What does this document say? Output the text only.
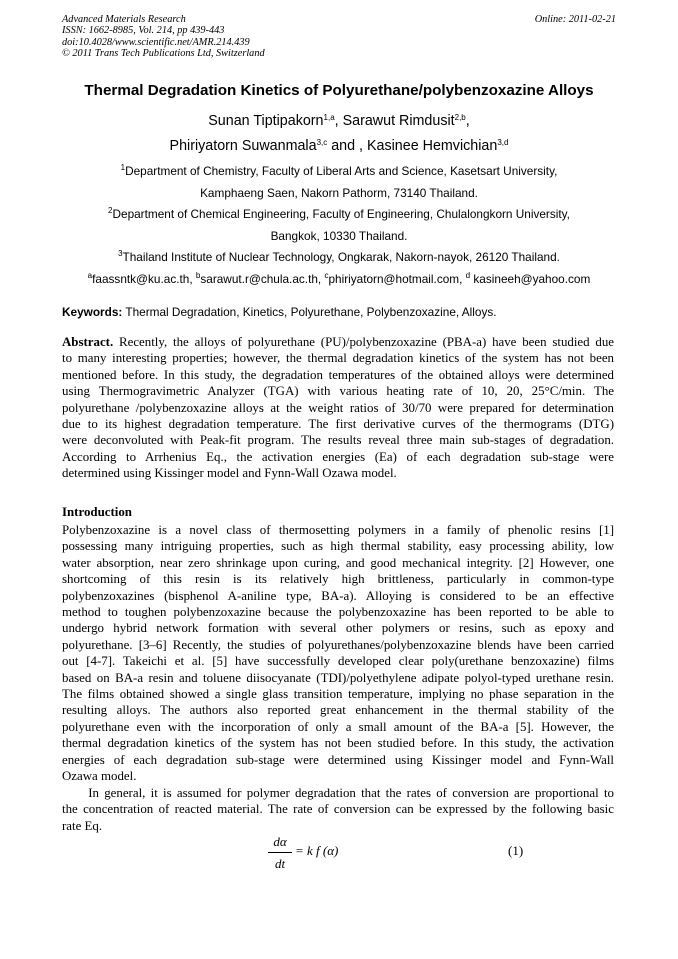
Advanced Materials Research
ISSN: 1662-8985, Vol. 214, pp 439-443
doi:10.4028/www.scientific.net/AMR.214.439
© 2011 Trans Tech Publications Ltd, Switzerland
Online: 2011-02-21
Thermal Degradation Kinetics of Polyurethane/polybenzoxazine Alloys
Sunan Tiptipakorn$^{1,a}$, Sarawut Rimdusit$^{2,b}$,
Phiriyatorn Suwanmala$^{3,c}$ and , Kasinee Hemvichian$^{3,d}$
$^1$Department of Chemistry, Faculty of Liberal Arts and Science, Kasetsart University,
Kamphaeng Saen, Nakorn Pathorm, 73140 Thailand.
$^2$Department of Chemical Engineering, Faculty of Engineering, Chulalongkorn University,
Bangkok, 10330 Thailand.
$^3$Thailand Institute of Nuclear Technology, Ongkarak, Nakorn-nayok, 26120 Thailand.
$^a$faassntk@ku.ac.th, $^b$sarawut.r@chula.ac.th, $^c$phiriyatorn@hotmail.com, $^d$ kasineeh@yahoo.com
Keywords: Thermal Degradation, Kinetics, Polyurethane, Polybenzoxazine, Alloys.
Abstract. Recently, the alloys of polyurethane (PU)/polybenzoxazine (PBA-a) have been studied due
to many interesting properties; however, the thermal degradation kinetics of the system has not been
mentioned before. In this study, the degradation temperatures of the obtained alloys were determined
using Thermogravimetric Analyzer (TGA) with various heating rate of 10, 20, 25°C/min. The
polyurethane /polybenzoxazine alloys at the weight ratios of 30/70 were prepared for determination
due to its highest degradation temperature. The first derivative curves of the thermograms (DTG)
were deconvoluted with Peak-fit program. The results reveal three main sub-stages of degradation.
According to Arrhenius Eq., the activation energies (Ea) of each degradation sub-stage were
determined using Kissinger model and Fynn-Wall Ozawa model.
Introduction
Polybenzoxazine is a novel class of thermosetting polymers in a family of phenolic resins [1]
possessing many intriguing properties, such as high thermal stability, easy processing ability, low
water absorption, near zero shrinkage upon curing, and good mechanical integrity. [2] However, one
shortcoming of this resin is its relatively high brittleness, particularly in common-type
polybenzoxazines (bisphenol A-aniline type, BA-a). Alloying is considered to be an effective
method to toughen polybenzoxazine because the polybenzoxazine has been reported to be able to
undergo hybrid network formation with several other polymers or resins, such as epoxy and
polyurethane. [3–6] Recently, the studies of polyurethanes/polybenzoxazine blends have been carried
out [4-7]. Takeichi et al. [5] have successfully developed clear poly(urethane benzoxazine) films
based on BA-a resin and toluene diisocyanate (TDI)/polyethylene adipate polyol-typed urethane resin.
The films obtained showed a single glass transition temperature, implying no phase separation in the
resulting alloys. The authors also reported great enhancement in the thermal stability of the
polyurethane even with the incorporation of only a small amount of the BA-a [5]. However, the
thermal degradation kinetics of the system has not been studied before. In this study, the activation
energies of each degradation sub-stage were determined using Kissinger model and Fynn-Wall
Ozawa model.
In general, it is assumed for polymer degradation that the rates of conversion are proportional to
the concentration of reacted material. The rate of conversion can be expressed by the following basic
rate Eq.
dα
dt
= k f (α)	(1)
